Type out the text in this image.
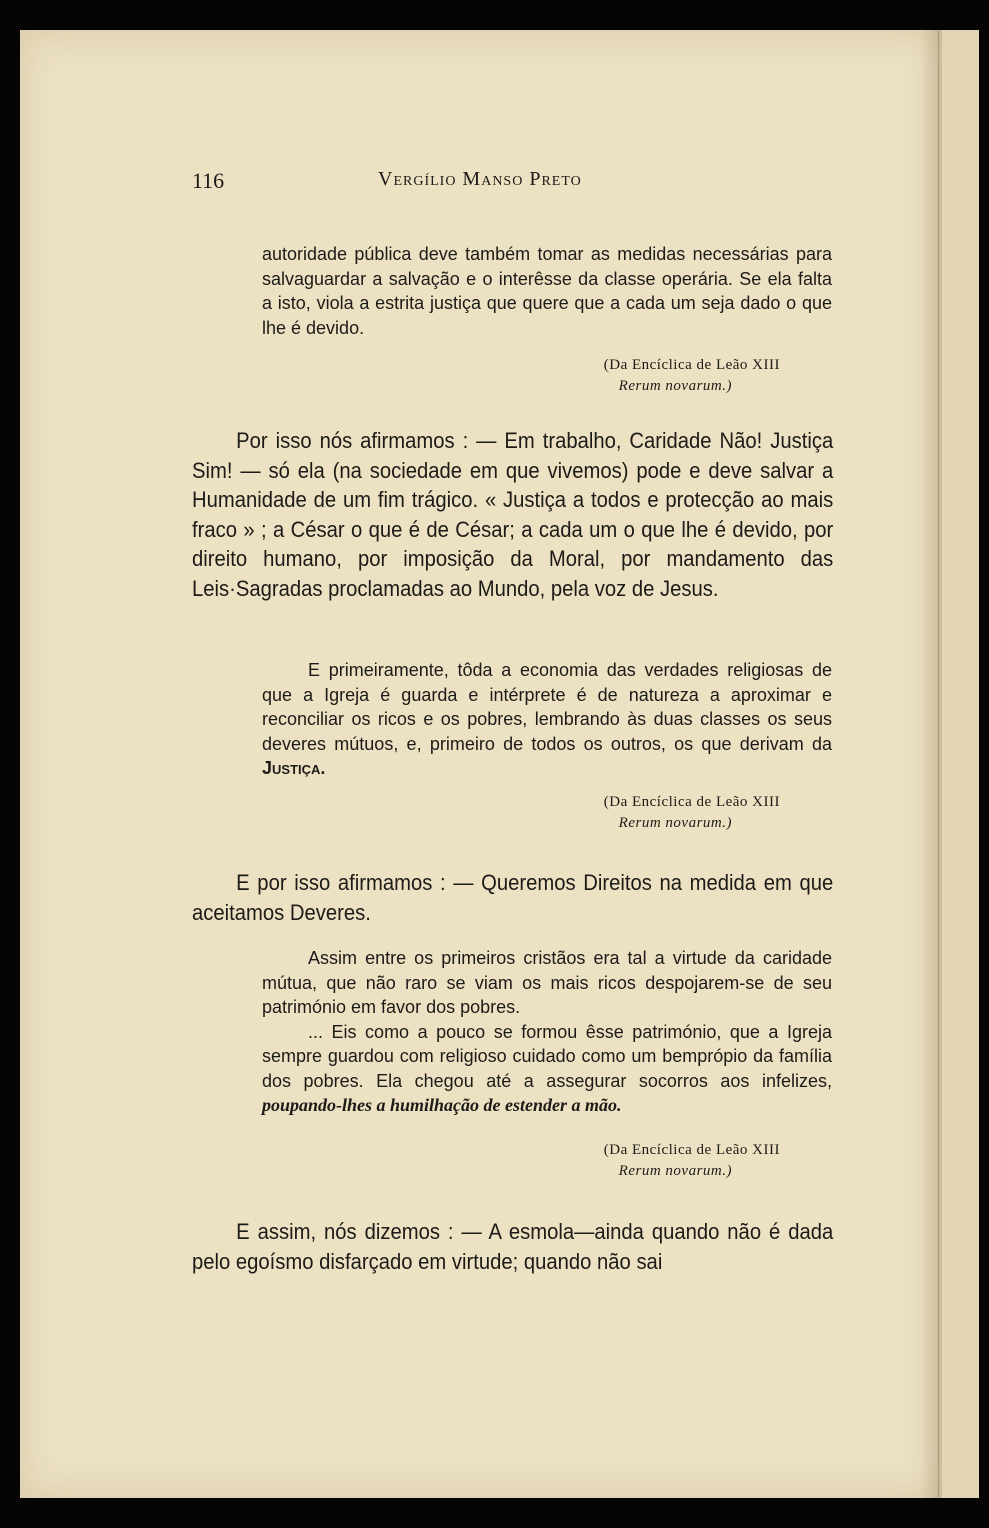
116	Vergílio Manso Preto

autoridade pública deve também tomar as medidas necessárias para salvaguardar a salvação e o interêsse da classe operária. Se ela falta a isto, viola a estrita justiça que quere que a cada um seja dado o que lhe é devido.

(Da Encíclica de Leão XIII
Rerum novarum.)

Por isso nós afirmamos : — Em trabalho, Caridade Não! Justiça Sim! — só ela (na sociedade em que vivemos) pode e deve salvar a Humanidade de um fim trágico. « Justiça a todos e protecção ao mais fraco » ; a César o que é de César; a cada um o que lhe é devido, por direito humano, por imposição da Moral, por mandamento das Leis·Sagradas proclamadas ao Mundo, pela voz de Jesus.

E primeiramente, tôda a economia das verdades religiosas de que a Igreja é guarda e intérprete é de natureza a aproximar e reconciliar os ricos e os pobres, lembrando às duas classes os seus deveres mútuos, e, primeiro de todos os outros, os que derivam da Justiça.

(Da Encíclica de Leão XIII
Rerum novarum.)

E por isso afirmamos : — Queremos Direitos na medida em que aceitamos Deveres.

Assim entre os primeiros cristãos era tal a virtude da caridade mútua, que não raro se viam os mais ricos despojarem-se de seu património em favor dos pobres.

... Eis como a pouco se formou êsse património, que a Igreja sempre guardou com religioso cuidado como um bemprópio da família dos pobres. Ela chegou até a assegurar socorros aos infelizes, poupando-lhes a humilhação de estender a mão.

(Da Encíclica de Leão XIII
Rerum novarum.)

E assim, nós dizemos : — A esmola—ainda quando não é dada pelo egoísmo disfarçado em virtude; quando não sai
